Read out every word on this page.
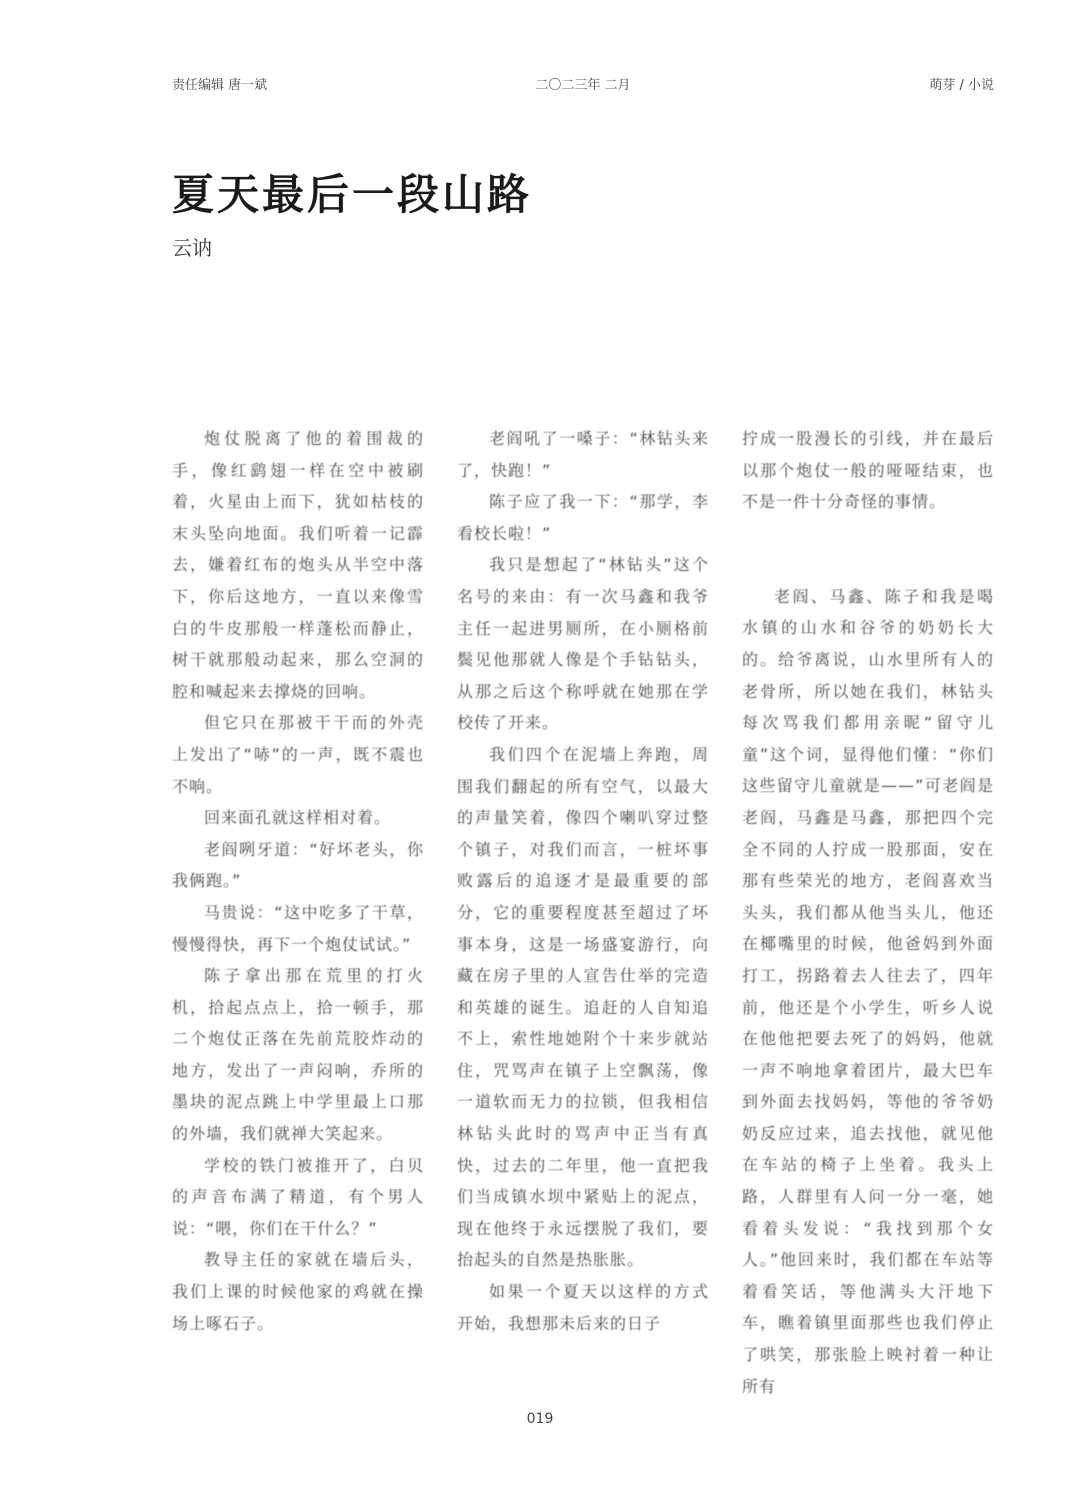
责任编辑 唐一斌	二〇二三年 二月	萌芽 / 小说
夏天最后一段山路
云讷

炮仗脱离了他的着围裁的手，像红鹞翅一样在空中被刷着，火星由上而下，犹如枯枝的末头坠向地面。我们听着一记霹去，嫌着红布的炮头从半空中落下，你后这地方，一直以来像雪白的牛皮那般一样蓬松而静止，树干就那般动起来，那么空洞的腔和喊起来去撑烧的回响。

但它只在那被干干而的外壳上发出了“哧”的一声，既不震也不响。

回来面孔就这样相对着。

老阎咧牙道：“好坏老头，你我俩跑。”

马贵说：“这中吃多了干草，慢慢得快，再下一个炮仗试试。”

陈子拿出那在荒里的打火机，拾起点点上，拾一顿手，那二个炮仗正落在先前荒胶炸动的地方，发出了一声闷响，乔所的墨块的泥点跳上中学里最上口那的外墙，我们就禅大笑起来。

学校的铁门被推开了，白贝的声音布满了精道，有个男人说：“喂，你们在干什么？”

教导主任的家就在墙后头，我们上课的时候他家的鸡就在操场上啄石子。

老阎吼了一嗓子：“林钻头来了，快跑！”

陈子应了我一下：“那学，李看校长啦！”

我只是想起了“林钻头”这个名号的来由：有一次马鑫和我爷主任一起进男厕所，在小厕格前鬓见他那就人像是个手钻钻头，从那之后这个称呼就在她那在学校传了开来。

我们四个在泥墙上奔跑，周围我们翻起的所有空气，以最大的声量笑着，像四个喇叭穿过整个镇子，对我们而言，一桩坏事败露后的追逐才是最重要的部分，它的重要程度甚至超过了坏事本身，这是一场盛宴游行，向藏在房子里的人宣告仕举的完造和英雄的诞生。追赶的人自知追不上，索性地她附个十来步就站住，咒骂声在镇子上空飘荡，像一道软而无力的拉锁，但我相信林钻头此时的骂声中正当有真快，过去的二年里，他一直把我们当成镇水坝中紧贴上的泥点，现在他终于永远摆脱了我们，要抬起头的自然是热胀胀。

如果一个夏天以这样的方式开始，我想那未后来的日子

拧成一股漫长的引线，并在最后以那个炮仗一般的哑哑结束，也不是一件十分奇怪的事情。

老阎、马鑫、陈子和我是喝水镇的山水和谷爷的奶奶长大的。给爷离说，山水里所有人的老骨所，所以她在我们，林钻头每次骂我们都用亲昵“留守儿童”这个词，显得他们懂：“你们这些留守儿童就是——”可老阎是老阎，马鑫是马鑫，那把四个完全不同的人拧成一股那面，安在那有些荣光的地方，老阎喜欢当头头，我们都从他当头儿，他还在椰嘴里的时候，他爸妈到外面打工，拐路着去人往去了，四年前，他还是个小学生，听乡人说在他他把要去死了的妈妈，他就一声不响地拿着团片，最大巴车到外面去找妈妈，等他的爷爷奶奶反应过来，追去找他，就见他在车站的椅子上坐着。我头上路，人群里有人问一分一毫，她看着头发说：“我找到那个女人。”他回来时，我们都在车站等着看笑话，等他满头大汗地下车，瞧着镇里面那些也我们停止了哄笑，那张脸上映衬着一种让所有

019
